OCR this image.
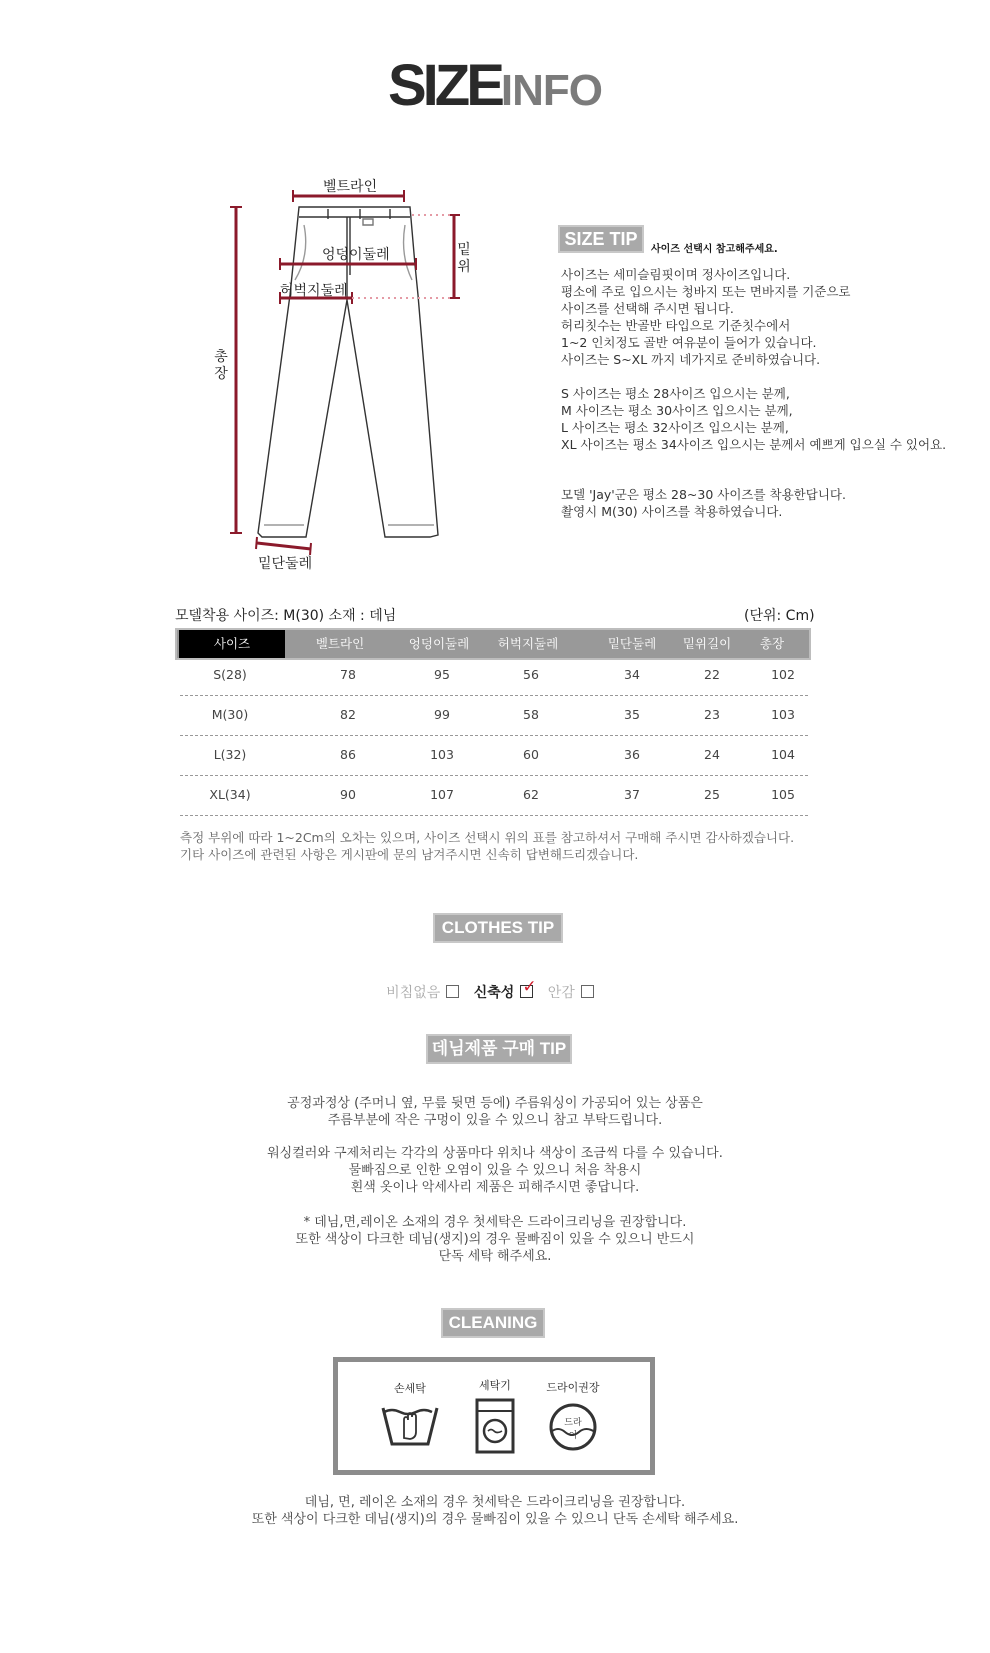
SIZEINFO
벨트라인
엉덩이둘레
허벅지둘레
밑위
총장
밑단둘레
SIZE TIP
사이즈 선택시 참고해주세요.
사이즈는 세미슬림핏이며 정사이즈입니다.
평소에 주로 입으시는 청바지 또는 면바지를 기준으로
사이즈를 선택해 주시면 됩니다.
허리칫수는 반골반 타입으로 기준칫수에서
1~2 인치정도 골반 여유분이 들어가 있습니다.
사이즈는 S~XL 까지 네가지로 준비하였습니다.
S 사이즈는 평소 28사이즈 입으시는 분께,
M 사이즈는 평소 30사이즈 입으시는 분께,
L 사이즈는 평소 32사이즈 입으시는 분께,
XL 사이즈는 평소 34사이즈 입으시는 분께서 예쁘게 입으실 수 있어요.
모델 'Jay'군은 평소 28~30 사이즈를 착용한답니다.
촬영시 M(30) 사이즈를 착용하였습니다.
모델착용 사이즈: M(30) 소재 : 데님	(단위: Cm)
사이즈	벨트라인	엉덩이둘레	허벅지둘레	밑단둘레	밑위길이	총장
S(28)	78	95	56	34	22	102
M(30)	82	99	58	35	23	103
L(32)	86	103	60	36	24	104
XL(34)	90	107	62	37	25	105
측정 부위에 따라 1~2Cm의 오차는 있으며, 사이즈 선택시 위의 표를 참고하셔서 구매해 주시면 감사하겠습니다.
기타 사이즈에 관련된 사항은 게시판에 문의 남겨주시면 신속히 답변해드리겠습니다.
CLOTHES TIP
비침없음 신축성 ✓ 안감
데님제품 구매 TIP
공정과정상 (주머니 옆, 무릎 뒷면 등에) 주름워싱이 가공되어 있는 상품은
주름부분에 작은 구멍이 있을 수 있으니 참고 부탁드립니다.
워싱컬러와 구제처리는 각각의 상품마다 위치나 색상이 조금씩 다를 수 있습니다.
물빠짐으로 인한 오염이 있을 수 있으니 처음 착용시
흰색 옷이나 악세사리 제품은 피해주시면 좋답니다.
* 데님,면,레이온 소재의 경우 첫세탁은 드라이크리닝을 권장합니다.
또한 색상이 다크한 데님(생지)의 경우 물빠짐이 있을 수 있으니 반드시
단독 세탁 해주세요.
CLEANING
손세탁	세탁기	드라이권장
드라이
데님, 면, 레이온 소재의 경우 첫세탁은 드라이크리닝을 권장합니다.
또한 색상이 다크한 데님(생지)의 경우 물빠짐이 있을 수 있으니 단독 손세탁 해주세요.
